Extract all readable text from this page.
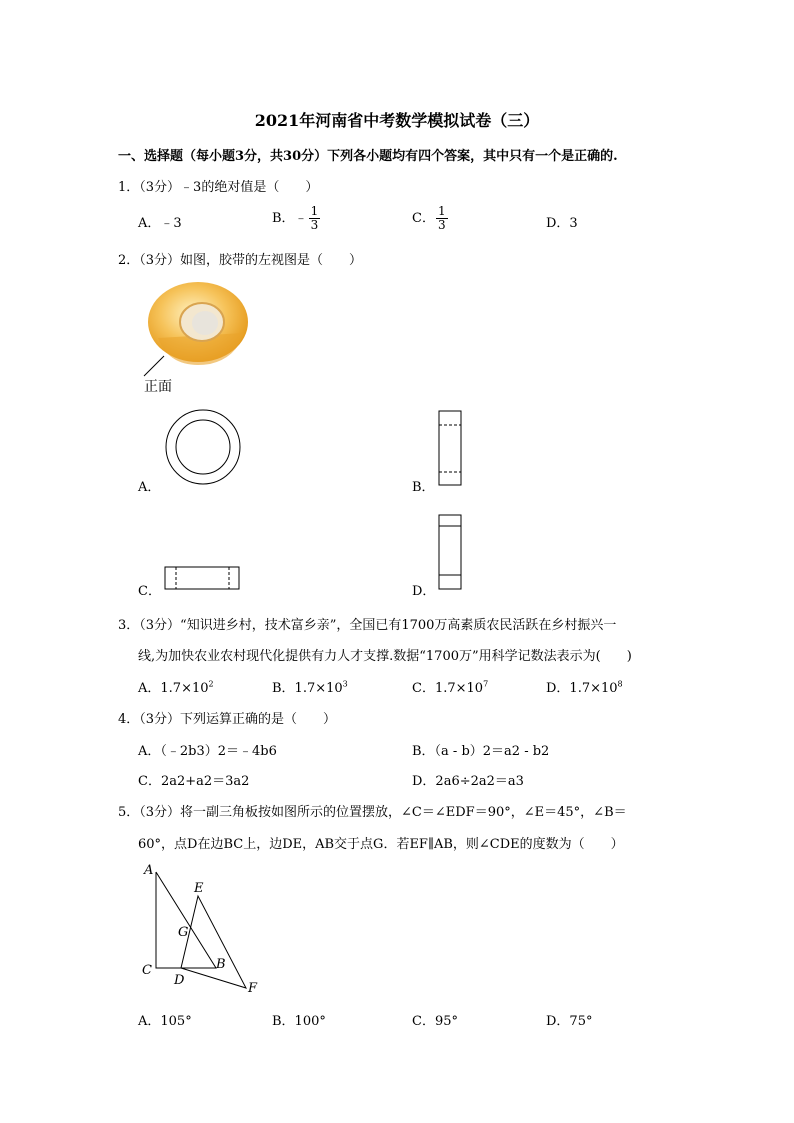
2021年河南省中考数学模拟试卷（三）
一、选择题（每小题3分，共30分）下列各小题均有四个答案，其中只有一个是正确的.
1．（3分）﹣3的绝对值是（　　）
A．﹣3	B．﹣ $\frac{1}{3}$	C． $\frac{1}{3}$	D．3
2．（3分）如图，胶带的左视图是（　　）
正面
A．	B．
C．	D．
3．（3分）“知识进乡村，技术富乡亲”，全国已有1700万高素质农民活跃在乡村振兴一
线,为加快农业农村现代化提供有力人才支撑.数据“1700万”用科学记数法表示为(　　)
A．$1.7\times 10^2$	B．$1.7\times 10^3$	C．$1.7\times 10^7$	D．$1.7\times 10^8$
4．（3分）下列运算正确的是（　　）
A．（﹣2b3）2＝﹣4b6	B．（a - b）2＝a2 - b2
C．2a2+a2＝3a2	D．2a6÷2a2＝a3
5．（3分）将一副三角板按如图所示的位置摆放，∠C＝∠EDF＝90°，∠E＝45°，∠B＝
60°，点D在边BC上，边DE，AB交于点G．若EF∥AB，则∠CDE的度数为（　　）
A
E
G
B
C
D
F
A．105°	B．100°	C．95°	D．75°
